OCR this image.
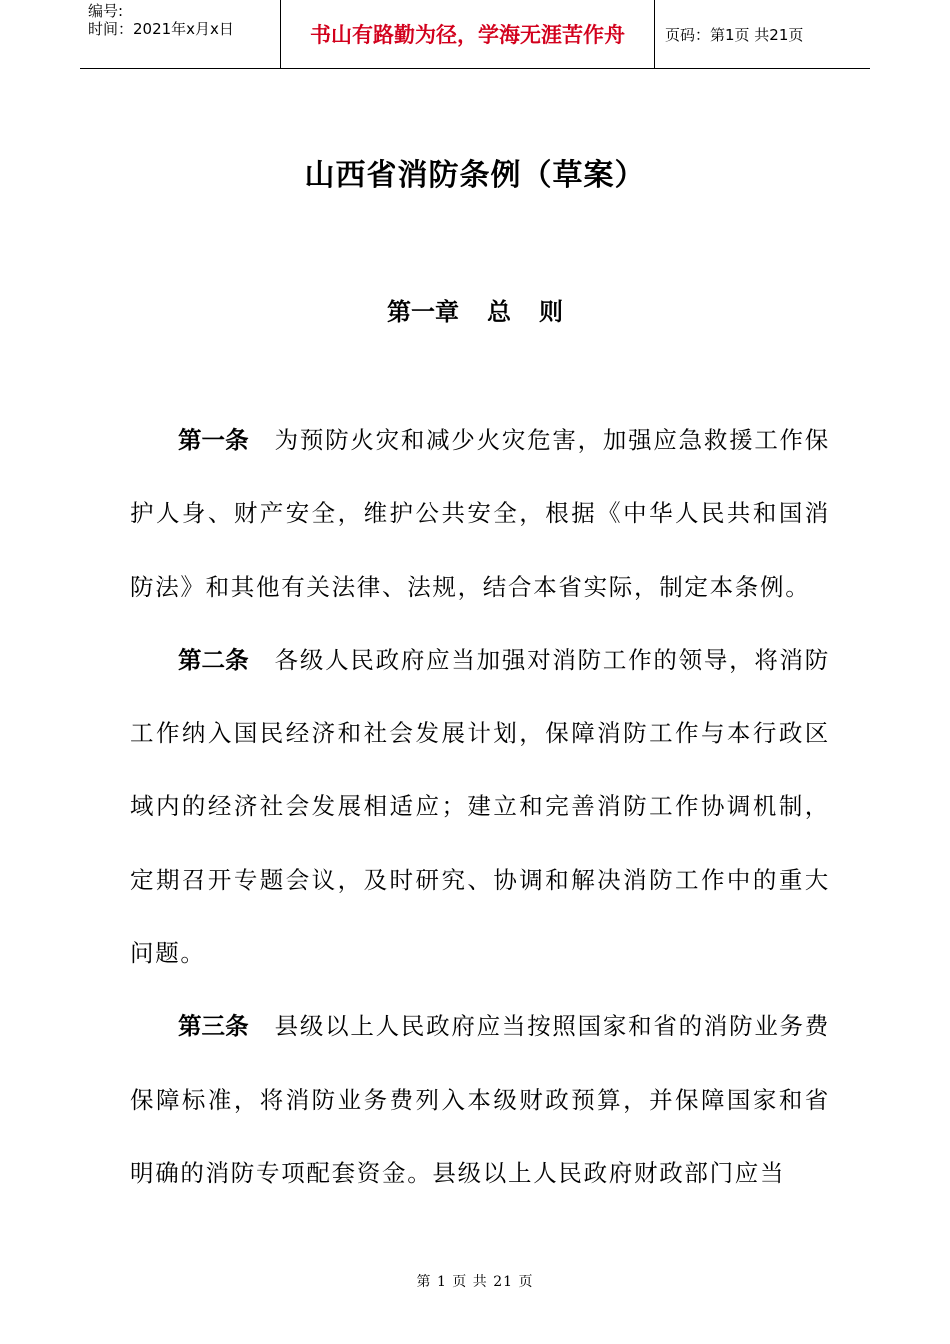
编号:
时间：2021年x月x日	书山有路勤为径，学海无涯苦作舟	页码：第1页 共21页
山西省消防条例（草案）
第一章 总 则

第一条 为预防火灾和减少火灾危害，加强应急救援工作保护人身、财产安全，维护公共安全，根据《中华人民共和国消防法》和其他有关法律、法规，结合本省实际，制定本条例。

第二条 各级人民政府应当加强对消防工作的领导，将消防工作纳入国民经济和社会发展计划，保障消防工作与本行政区域内的经济社会发展相适应；建立和完善消防工作协调机制，定期召开专题会议，及时研究、协调和解决消防工作中的重大问题。

第三条 县级以上人民政府应当按照国家和省的消防业务费保障标准，将消防业务费列入本级财政预算，并保障国家和省明确的消防专项配套资金。县级以上人民政府财政部门应当

第 1 页 共 21 页
